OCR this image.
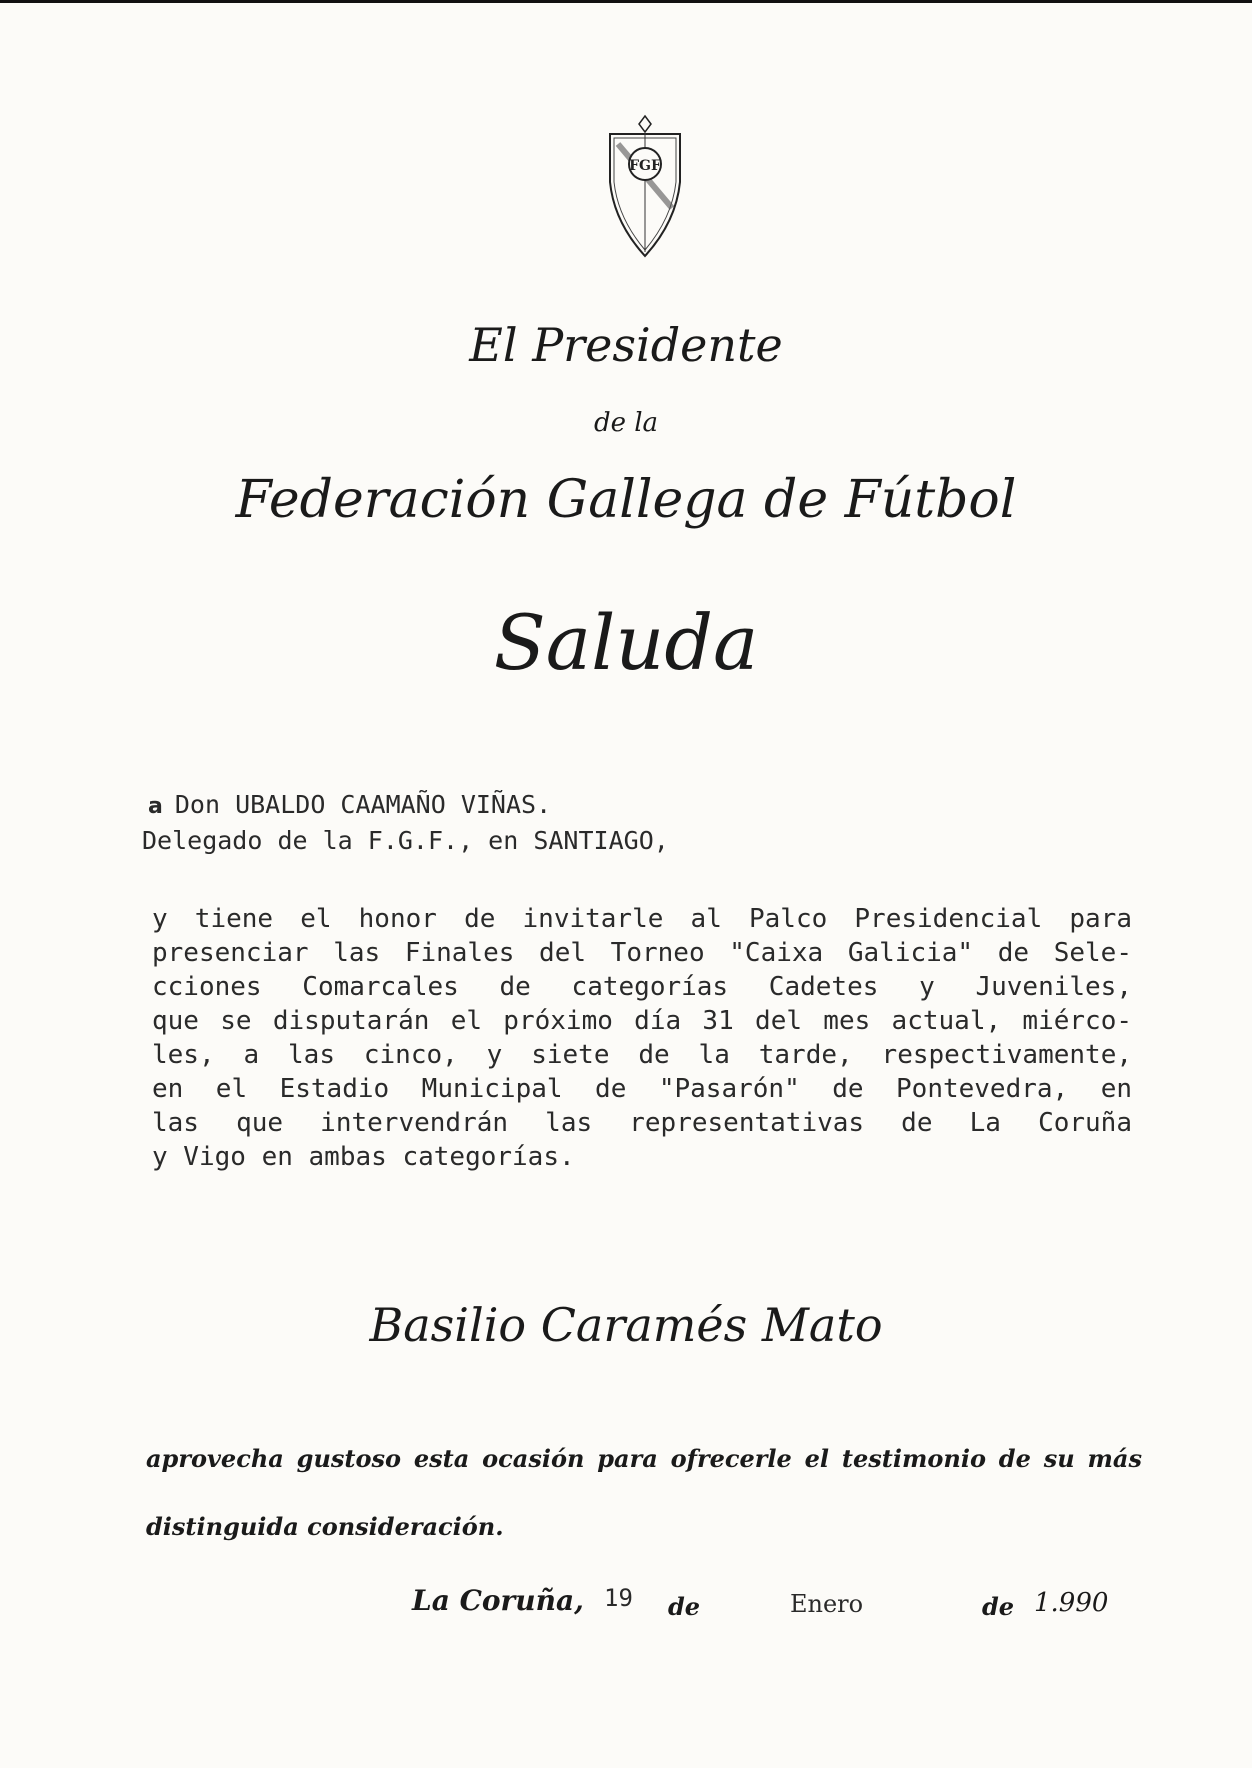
FGF
El Presidente
de la
Federación Gallega de Fútbol
Saluda
a Don UBALDO CAAMAÑO VIÑAS.
Delegado de la F.G.F., en SANTIAGO,
y tiene el honor de invitarle al Palco Presidencial para
presenciar las Finales del Torneo "Caixa Galicia" de Sele-
cciones Comarcales de categorías Cadetes y Juveniles,
que se disputarán el próximo día 31 del mes actual, miérco-
les, a las cinco, y siete de la tarde, respectivamente,
en el Estadio Municipal de "Pasarón" de Pontevedra, en
las que intervendrán las representativas de La Coruña
y Vigo en ambas categorías.
Basilio Caramés Mato
aprovecha gustoso esta ocasión para ofrecerle el testimonio de su más
distinguida consideración.
La Coruña, 19 de	Enero	de 1.990
